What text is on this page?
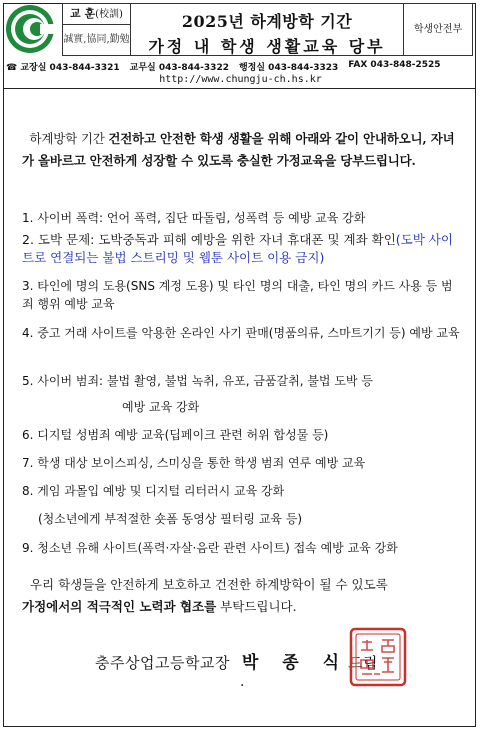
교 훈(校訓)
誠實,協同,勤勉
2025년 하계방학 기간
가정 내 학생 생활교육 당부
학생안전부
☎ 교장실 043-844-3321 교무실 043-844-3322 행정실 043-844-3323 FAX 043-848-2525
http://www.chungju-ch.hs.kr
하계방학 기간 건전하고 안전한 학생 생활을 위해 아래와 같이 안내하오니, 자녀가 올바르고 안전하게 성장할 수 있도록 충실한 가정교육을 당부드립니다.
1. 사이버 폭력: 언어 폭력, 집단 따돌림, 성폭력 등 예방 교육 강화
2. 도박 문제: 도박중독과 피해 예방을 위한 자녀 휴대폰 및 계좌 확인(도박 사이트로 연결되는 불법 스트리밍 및 웹툰 사이트 이용 금지)
3. 타인에 명의 도용(SNS 계정 도용) 및 타인 명의 대출, 타인 명의 카드 사용 등 범죄 행위 예방 교육
4. 중고 거래 사이트를 악용한 온라인 사기 판매(명품의류, 스마트기기 등) 예방 교육
5. 사이버 범죄: 불법 촬영, 불법 녹취, 유포, 금품갈취, 불법 도박 등
예방 교육 강화
6. 디지털 성범죄 예방 교육(딥페이크 관련 허위 합성물 등)
7. 학생 대상 보이스피싱, 스미싱을 통한 학생 범죄 연루 예방 교육
8. 게임 과몰입 예방 및 디지털 리터러시 교육 강화
(청소년에게 부적절한 숏폼 동영상 필터링 교육 등)
9. 청소년 유해 사이트(폭력·자살·음란 관련 사이트) 접속 예방 교육 강화
우리 학생들을 안전하게 보호하고 건전한 하계방학이 될 수 있도록
가정에서의 적극적인 노력과 협조를 부탁드립니다.
충주상업고등학교장 박 종 식드림
·
